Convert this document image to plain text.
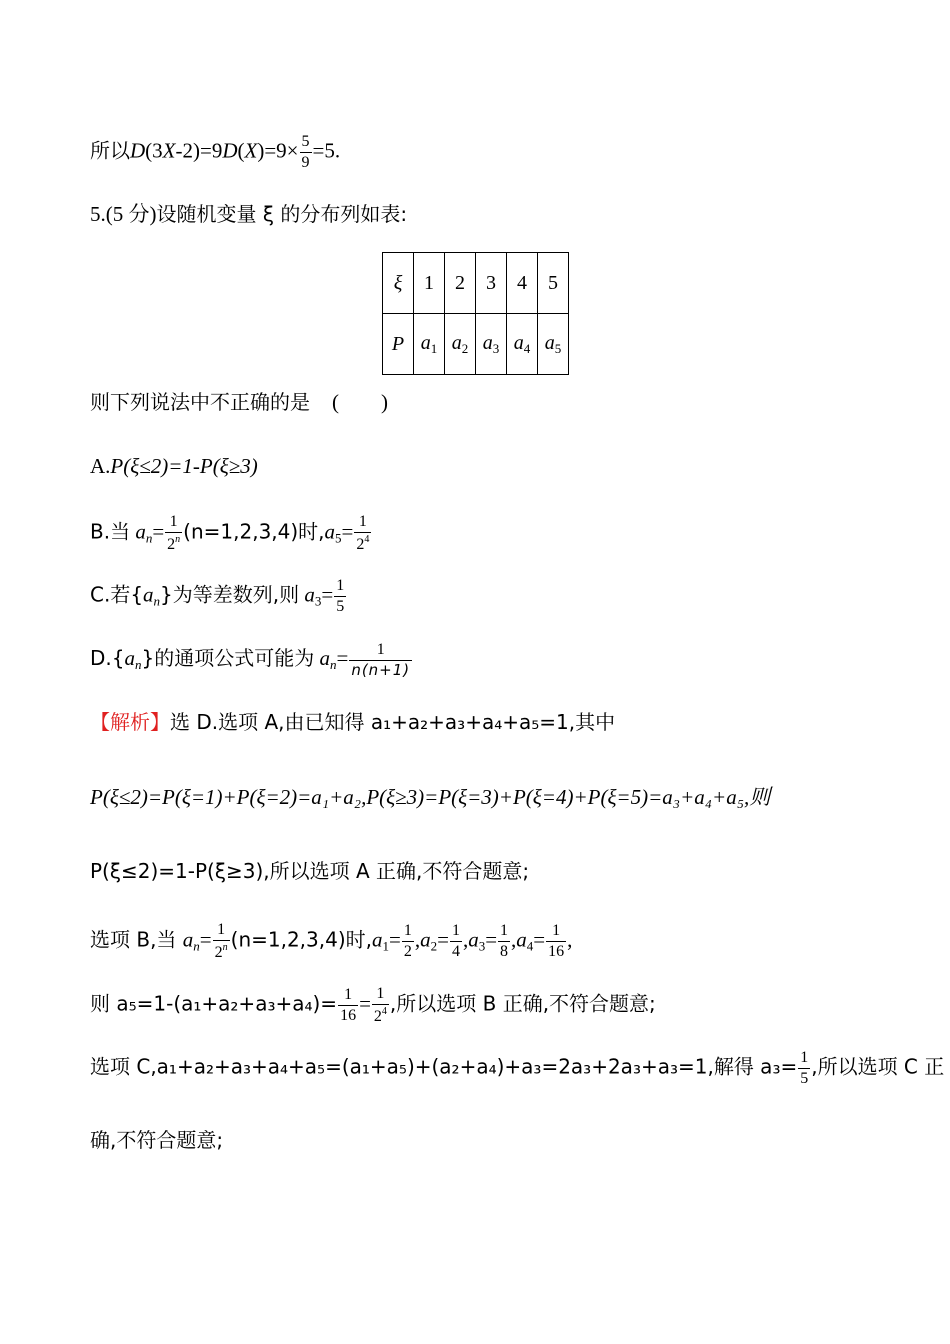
所以$D(3X-2)=9D(X)=9\times \frac{5}{9} =5$.
5.(5 分)设随机变量 ξ 的分布列如表:
ξ	1	2	3	4	5
P	$a_1$	$a_2$	$a_3$	$a_4$	$a_5$
则下列说法中不正确的是 ( )
A.P(ξ≤2)=1-P(ξ≥3)
B.当 $a_n= \frac{1}{2^n} (n=1,2,3,4)$时$,a_5= \frac{1}{2^4}$
C.若$\{a_n\}$为等差数列,则 $a_3= \frac{1}{5}$
$D.\{a_n\}$的通项公式可能为 $a_n= \frac{1}{n(n+1)}$
【解析】选 D.选项 A,由已知得 a₁+a₂+a₃+a₄+a₅=1,其中
P(ξ≤2)=P(ξ=1)+P(ξ=2)=a₁+a₂,P(ξ≥3)=P(ξ=3)+P(ξ=4)+P(ξ=5)=a₃+a₄+a₅,则
P(ξ≤2)=1-P(ξ≥3),所以选项 A 正确,不符合题意;
选项 B,当 $a_n= \frac{1}{2^n} (n=1,2,3,4)$时$,a_1= \frac{1}{2} ,a_2= \frac{1}{4} ,a_3= \frac{1}{8} ,a_4= \frac{1}{16}$ ,
则 $a_5=1-(a_1+a_2+a_3+a_4)= \frac{1}{16} = \frac{1}{2^4}$ ,所以选项 B 正确,不符合题意;
选项 C,a₁+a₂+a₃+a₄+a₅=(a₁+a₅)+(a₂+a₄)+a₃=2a₃+2a₃+a₃=1,解得 $a_3= \frac{1}{5}$ ,所以选项 C 正
确,不符合题意;
